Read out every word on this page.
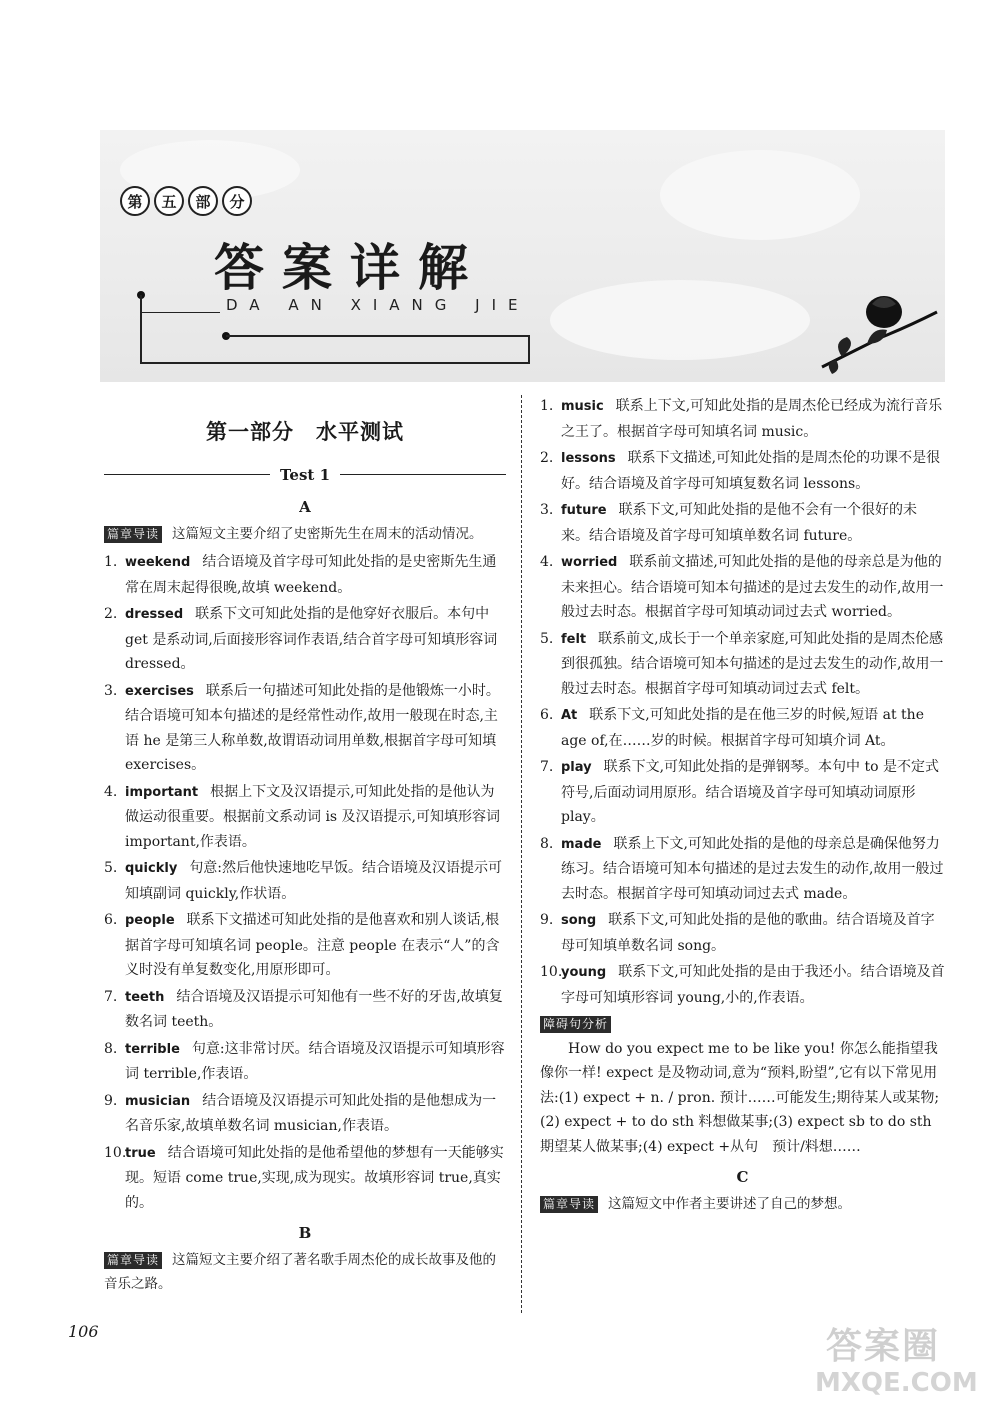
第	五	部	分
答案详解
DA AN XIANG JIE
第一部分　水平测试
Test 1
A
篇章导读 这篇短文主要介绍了史密斯先生在周末的活动情况。
1. weekend 结合语境及首字母可知此处指的是史密斯先生通常在周末起得很晚,故填 weekend。
2. dressed 联系下文可知此处指的是他穿好衣服后。本句中 get 是系动词,后面接形容词作表语,结合首字母可知填形容词 dressed。
3. exercises 联系后一句描述可知此处指的是他锻炼一小时。结合语境可知本句描述的是经常性动作,故用一般现在时态,主语 he 是第三人称单数,故谓语动词用单数,根据首字母可知填 exercises。
4. important 根据上下文及汉语提示,可知此处指的是他认为做运动很重要。根据前文系动词 is 及汉语提示,可知填形容词 important,作表语。
5. quickly 句意:然后他快速地吃早饭。结合语境及汉语提示可知填副词 quickly,作状语。
6. people 联系下文描述可知此处指的是他喜欢和别人谈话,根据首字母可知填名词 people。注意 people 在表示“人”的含义时没有单复数变化,用原形即可。
7. teeth 结合语境及汉语提示可知他有一些不好的牙齿,故填复数名词 teeth。
8. terrible 句意:这非常讨厌。结合语境及汉语提示可知填形容词 terrible,作表语。
9. musician 结合语境及汉语提示可知此处指的是他想成为一名音乐家,故填单数名词 musician,作表语。
10.
true 结合语境可知此处指的是他希望他的梦想有一天能够实现。短语 come true,实现,成为现实。故填形容词 true,真实的。
B
篇章导读 这篇短文主要介绍了著名歌手周杰伦的成长故事及他的音乐之路。
1. music 联系上下文,可知此处指的是周杰伦已经成为流行音乐之王了。根据首字母可知填名词 music。
2. lessons 联系下文描述,可知此处指的是周杰伦的功课不是很好。结合语境及首字母可知填复数名词 lessons。
3. future 联系下文,可知此处指的是他不会有一个很好的未来。结合语境及首字母可知填单数名词 future。
4. worried 联系前文描述,可知此处指的是他的母亲总是为他的未来担心。结合语境可知本句描述的是过去发生的动作,故用一般过去时态。根据首字母可知填动词过去式 worried。
5. felt 联系前文,成长于一个单亲家庭,可知此处指的是周杰伦感到很孤独。结合语境可知本句描述的是过去发生的动作,故用一般过去时态。根据首字母可知填动词过去式 felt。
6. At 联系下文,可知此处指的是在他三岁的时候,短语 at the age of,在……岁的时候。根据首字母可知填介词 At。
7. play 联系下文,可知此处指的是弹钢琴。本句中 to 是不定式符号,后面动词用原形。结合语境及首字母可知填动词原形 play。
8. made 联系上下文,可知此处指的是他的母亲总是确保他努力练习。结合语境可知本句描述的是过去发生的动作,故用一般过去时态。根据首字母可知填动词过去式 made。
9. song 联系下文,可知此处指的是他的歌曲。结合语境及首字母可知填单数名词 song。
10.
young 联系下文,可知此处指的是由于我还小。结合语境及首字母可知填形容词 young,小的,作表语。
障碍句分析

How do you expect me to be like you! 你怎么能指望我像你一样! expect 是及物动词,意为“预料,盼望”,它有以下常见用法:(1) expect + n. / pron. 预计……可能发生;期待某人或某物;(2) expect + to do sth 料想做某事;(3) expect sb to do sth 期望某人做某事;(4) expect +从句　预计/料想……

C
篇章导读 这篇短文中作者主要讲述了自己的梦想。
106	答案圈
MXQE.COM
